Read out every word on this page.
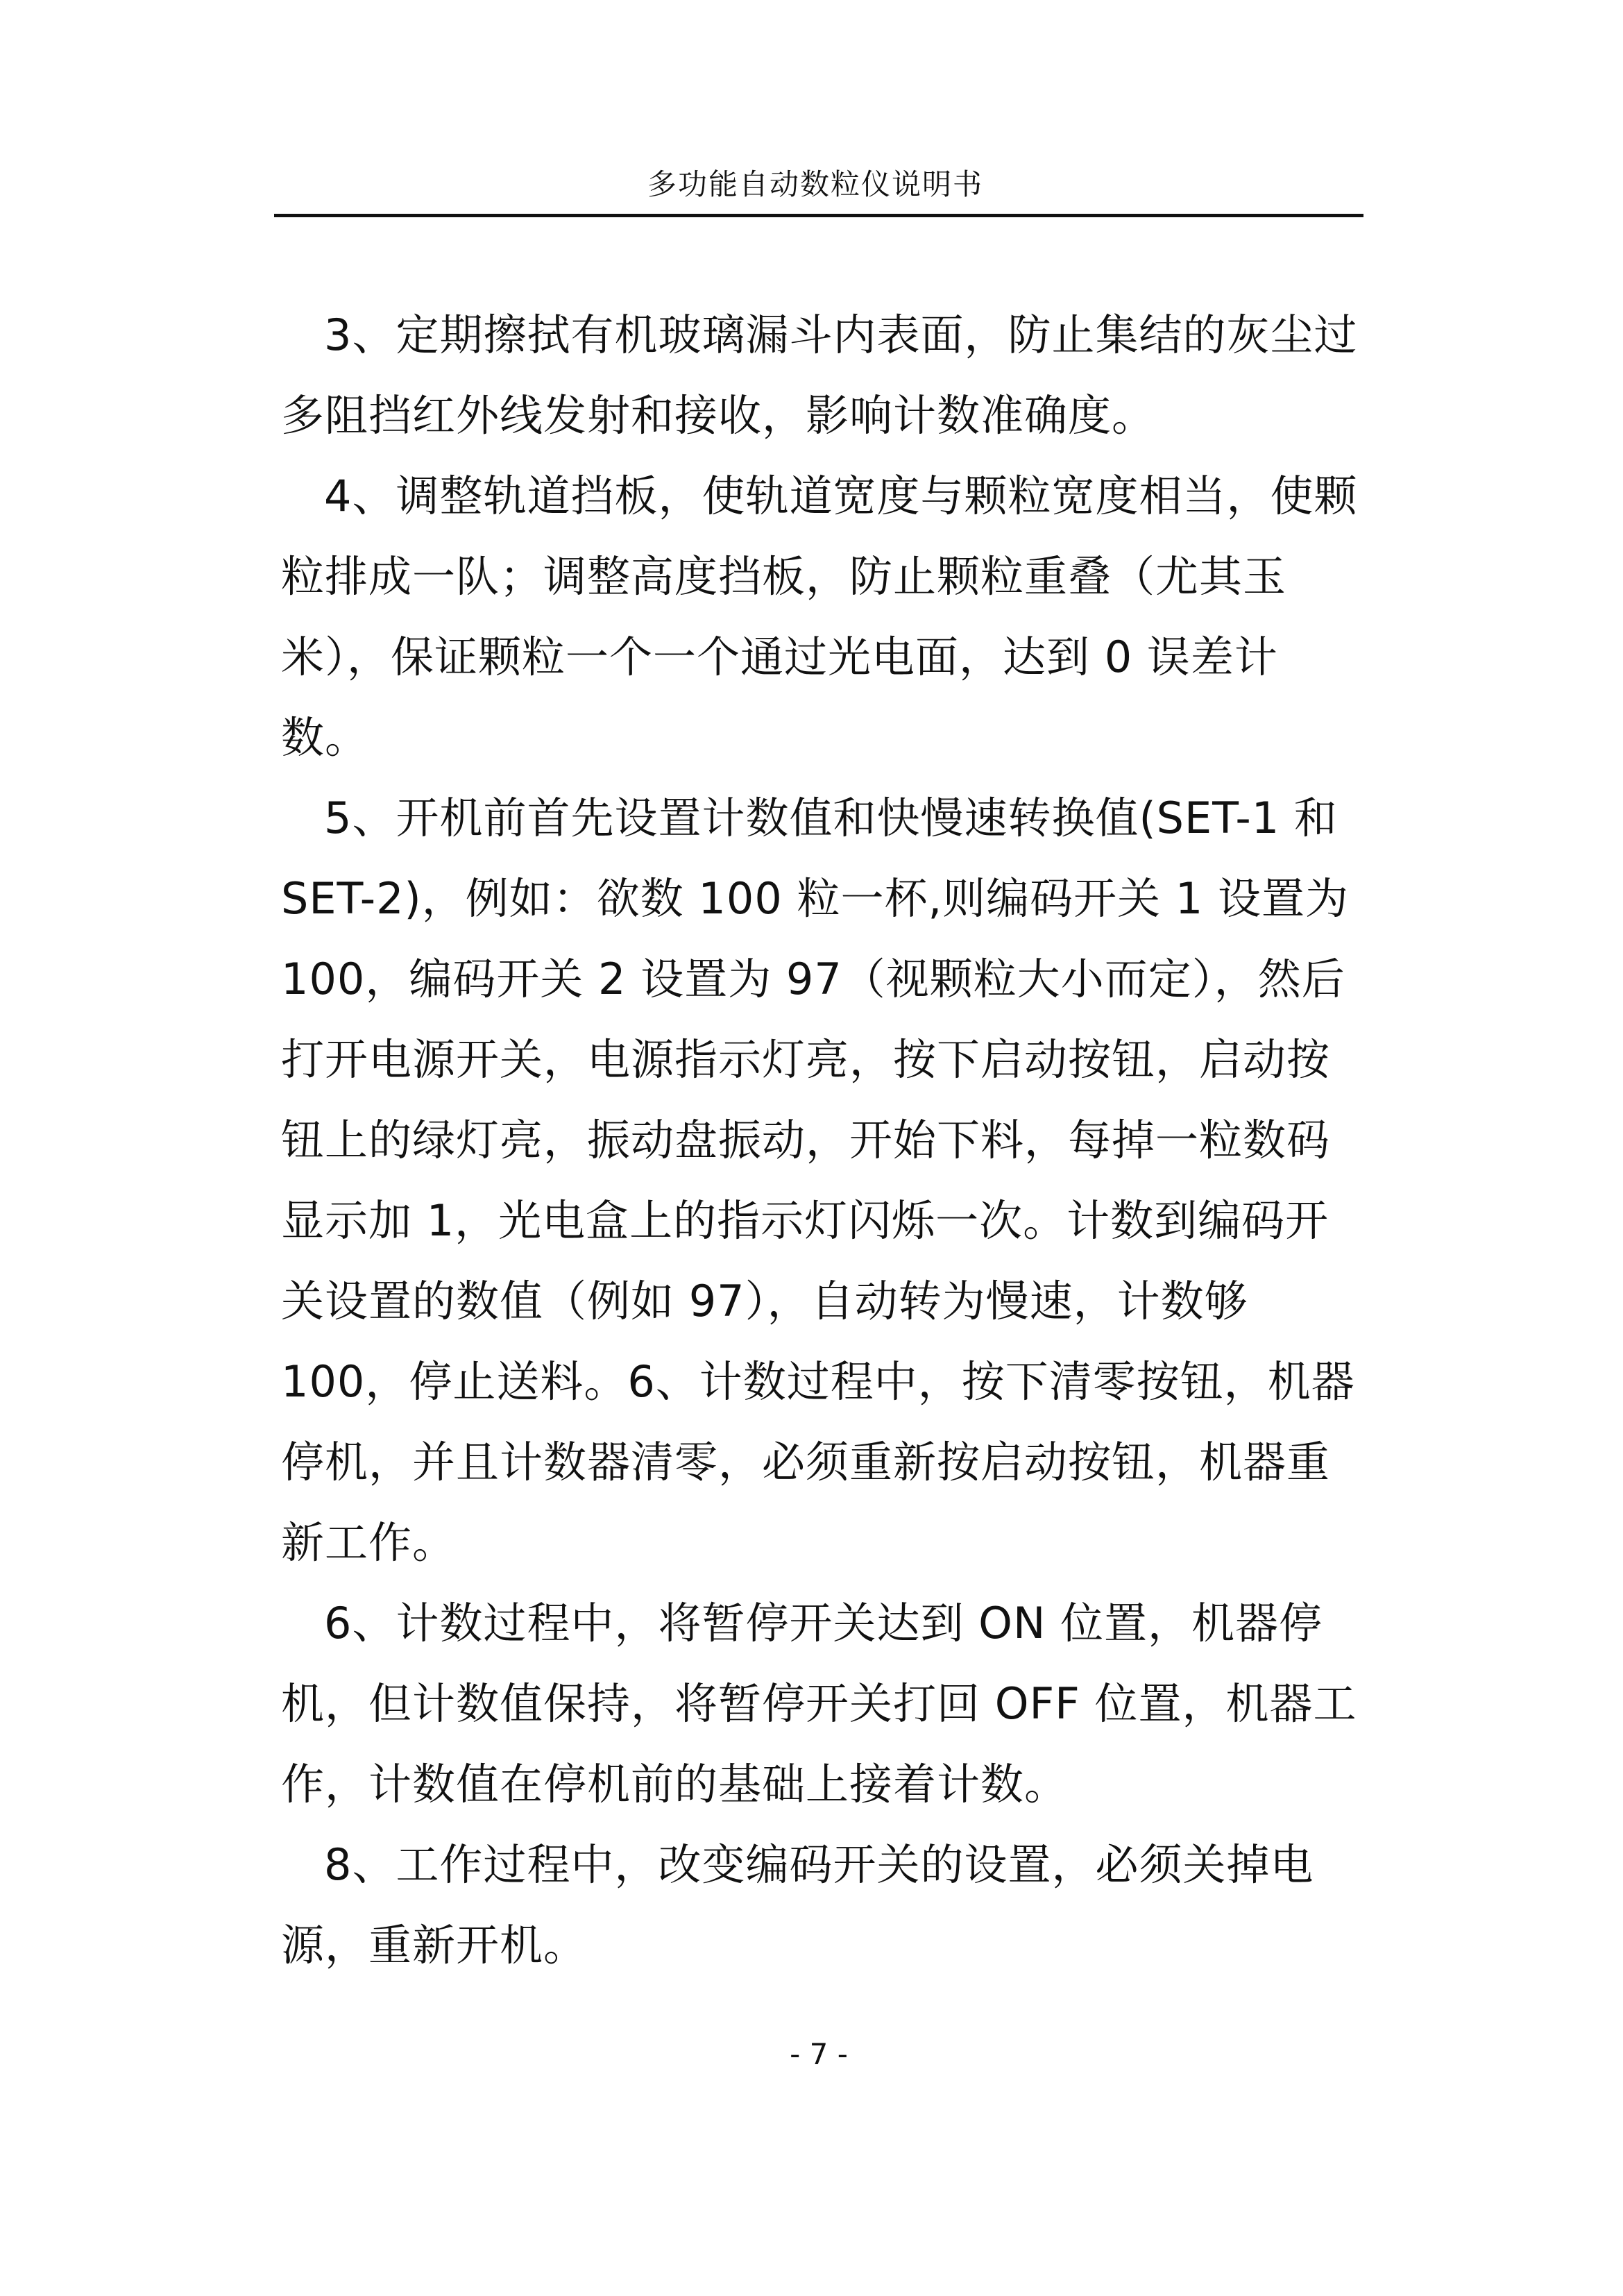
多功能自动数粒仪说明书

3、定期擦拭有机玻璃漏斗内表面，防止集结的灰尘过多阻挡红外线发射和接收，影响计数准确度。

4、调整轨道挡板，使轨道宽度与颗粒宽度相当，使颗粒排成一队；调整高度挡板，防止颗粒重叠（尤其玉米），保证颗粒一个一个通过光电面，达到 0 误差计数。

5、开机前首先设置计数值和快慢速转换值(SET-1 和 SET-2)，例如：欲数 100 粒一杯,则编码开关 1 设置为 100，编码开关 2 设置为 97（视颗粒大小而定），然后打开电源开关，电源指示灯亮，按下启动按钮，启动按钮上的绿灯亮，振动盘振动，开始下料，每掉一粒数码显示加 1，光电盒上的指示灯闪烁一次。计数到编码开关设置的数值（例如 97），自动转为慢速，计数够 100，停止送料。6、计数过程中，按下清零按钮，机器停机，并且计数器清零，必须重新按启动按钮，机器重新工作。

6、计数过程中，将暂停开关达到 ON 位置，机器停机，但计数值保持，将暂停开关打回 OFF 位置，机器工作，计数值在停机前的基础上接着计数。

8、工作过程中，改变编码开关的设置，必须关掉电源，重新开机。

- 7 -
